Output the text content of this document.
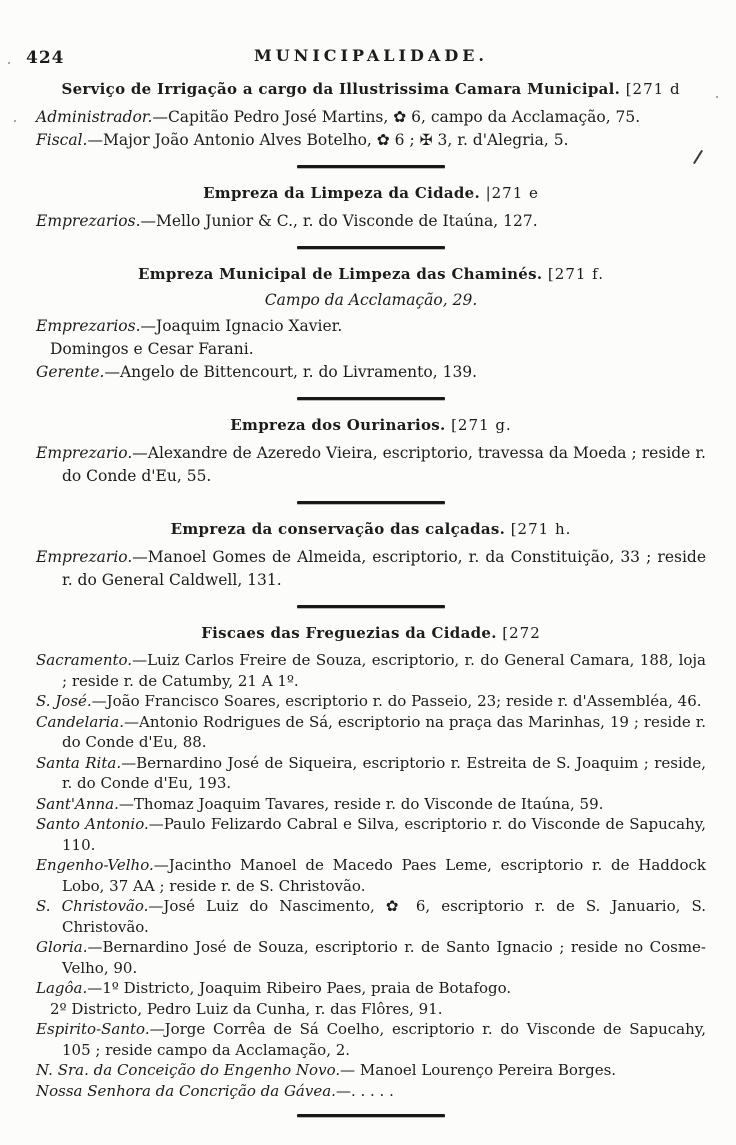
424	MUNICIPALIDADE.
Serviço de Irrigação a cargo da Illustrissima Camara Municipal. [271 d

Administrador.—Capitão Pedro José Martins, ✿ 6, campo da Acclamação, 75.

Fiscal.—Major João Antonio Alves Botelho, ✿ 6 ; ✠ 3, r. d'Alegria, 5.

Empreza da Limpeza da Cidade. |271 e

Emprezarios.—Mello Junior & C., r. do Visconde de Itaúna, 127.

Empreza Municipal de Limpeza das Chaminés. [271 f.

Campo da Acclamação, 29.

Emprezarios.—Joaquim Ignacio Xavier.

Domingos e Cesar Farani.

Gerente.—Angelo de Bittencourt, r. do Livramento, 139.

Empreza dos Ourinarios. [271 g.

Emprezario.—Alexandre de Azeredo Vieira, escriptorio, travessa da Moeda ; reside r. do Conde d'Eu, 55.

Empreza da conservação das calçadas. [271 h.

Emprezario.—Manoel Gomes de Almeida, escriptorio, r. da Constituição, 33 ; reside r. do General Caldwell, 131.

Fiscaes das Freguezias da Cidade. [272

Sacramento.—Luiz Carlos Freire de Souza, escriptorio, r. do General Camara, 188, loja ; reside r. de Catumby, 21 A 1º.

S. José.—João Francisco Soares, escriptorio r. do Passeio, 23; reside r. d'Assembléa, 46.

Candelaria.—Antonio Rodrigues de Sá, escriptorio na praça das Marinhas, 19 ; reside r. do Conde d'Eu, 88.

Santa Rita.—Bernardino José de Siqueira, escriptorio r. Estreita de S. Joaquim ; reside, r. do Conde d'Eu, 193.

Sant'Anna.—Thomaz Joaquim Tavares, reside r. do Visconde de Itaúna, 59.

Santo Antonio.—Paulo Felizardo Cabral e Silva, escriptorio r. do Visconde de Sapucahy, 110.

Engenho-Velho.—Jacintho Manoel de Macedo Paes Leme, escriptorio r. de Haddock Lobo, 37 AA ; reside r. de S. Christovão.

S. Christovão.—José Luiz do Nascimento, ✿ 6, escriptorio r. de S. Januario, S. Christovão.

Gloria.—Bernardino José de Souza, escriptorio r. de Santo Ignacio ; reside no Cosme-Velho, 90.

Lagôa.—1º Districto, Joaquim Ribeiro Paes, praia de Botafogo.

2º Districto, Pedro Luiz da Cunha, r. das Flôres, 91.

Espirito-Santo.—Jorge Corrêa de Sá Coelho, escriptorio r. do Visconde de Sapucahy, 105 ; reside campo da Acclamação, 2.

N. Sra. da Conceição do Engenho Novo.— Manoel Lourenço Pereira Borges.

Nossa Senhora da Concrição da Gávea.—. . . . .
